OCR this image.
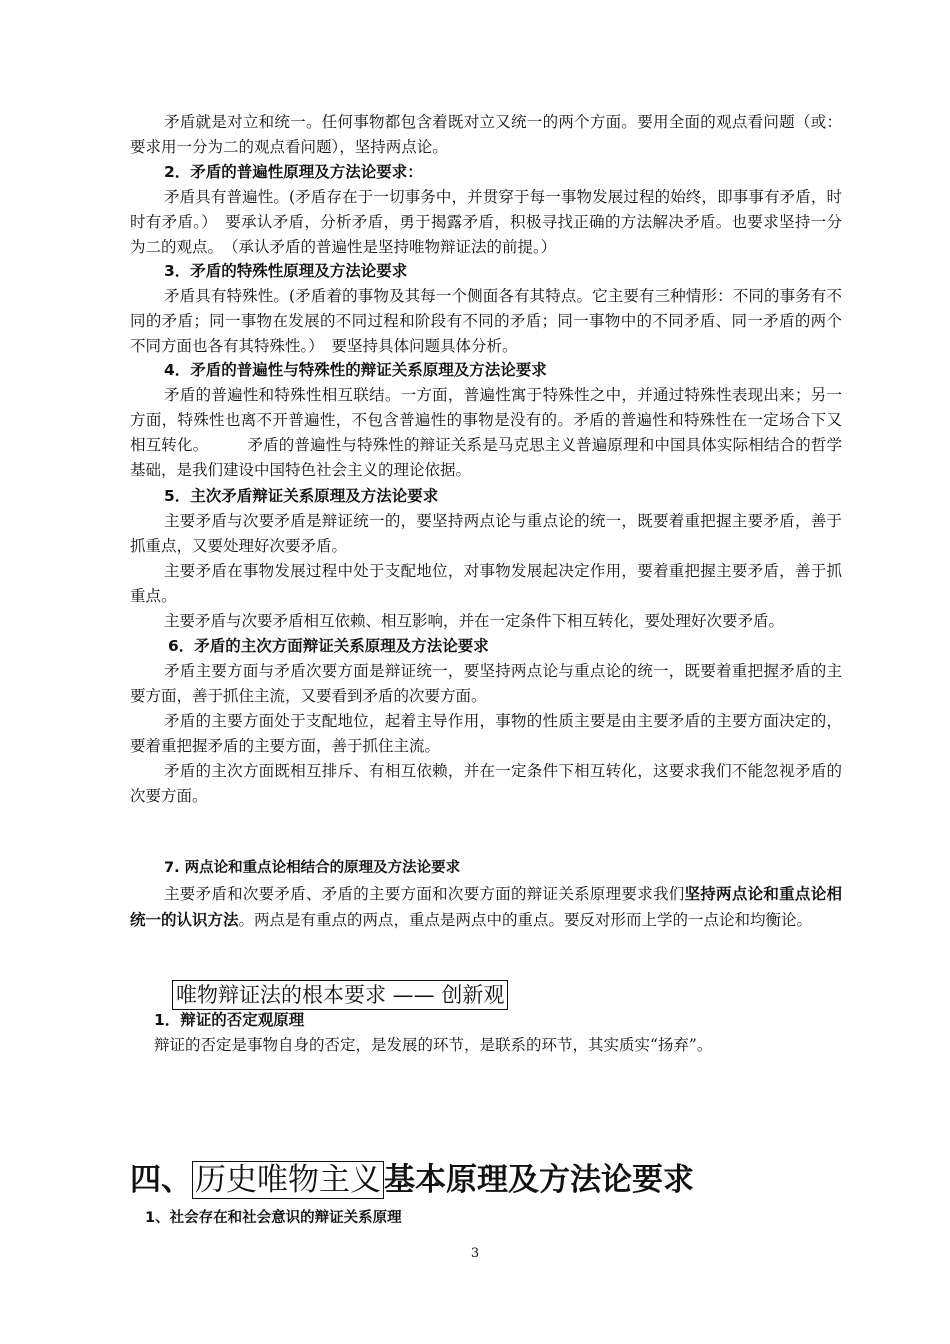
矛盾就是对立和统一。任何事物都包含着既对立又统一的两个方面。要用全面的观点看问题（或：要求用一分为二的观点看问题），坚持两点论。

2．矛盾的普遍性原理及方法论要求：

矛盾具有普遍性。(矛盾存在于一切事务中，并贯穿于每一事物发展过程的始终，即事事有矛盾，时时有矛盾。）　要承认矛盾，分析矛盾，勇于揭露矛盾，积极寻找正确的方法解决矛盾。也要求坚持一分为二的观点。　（承认矛盾的普遍性是坚持唯物辩证法的前提。）

3．矛盾的特殊性原理及方法论要求

矛盾具有特殊性。(矛盾着的事物及其每一个侧面各有其特点。它主要有三种情形：不同的事务有不同的矛盾；同一事物在发展的不同过程和阶段有不同的矛盾；同一事物中的不同矛盾、同一矛盾的两个不同方面也各有其特殊性。）　要坚持具体问题具体分析。

4．矛盾的普遍性与特殊性的辩证关系原理及方法论要求

矛盾的普遍性和特殊性相互联结。一方面，普遍性寓于特殊性之中，并通过特殊性表现出来；另一方面，特殊性也离不开普遍性，不包含普遍性的事物是没有的。矛盾的普遍性和特殊性在一定场合下又相互转化。　　　矛盾的普遍性与特殊性的辩证关系是马克思主义普遍原理和中国具体实际相结合的哲学基础，是我们建设中国特色社会主义的理论依据。

5．主次矛盾辩证关系原理及方法论要求

主要矛盾与次要矛盾是辩证统一的，要坚持两点论与重点论的统一，既要着重把握主要矛盾，善于抓重点，又要处理好次要矛盾。

主要矛盾在事物发展过程中处于支配地位，对事物发展起决定作用，要着重把握主要矛盾，善于抓重点。

主要矛盾与次要矛盾相互依赖、相互影响，并在一定条件下相互转化，要处理好次要矛盾。

6．矛盾的主次方面辩证关系原理及方法论要求

矛盾主要方面与矛盾次要方面是辩证统一，要坚持两点论与重点论的统一，既要着重把握矛盾的主要方面，善于抓住主流，又要看到矛盾的次要方面。

矛盾的主要方面处于支配地位，起着主导作用，事物的性质主要是由主要矛盾的主要方面决定的，要着重把握矛盾的主要方面，善于抓住主流。

矛盾的主次方面既相互排斥、有相互依赖，并在一定条件下相互转化，这要求我们不能忽视矛盾的次要方面。

7. 两点论和重点论相结合的原理及方法论要求

主要矛盾和次要矛盾、矛盾的主要方面和次要方面的辩证关系原理要求我们坚持两点论和重点论相统一的认识方法。两点是有重点的两点，重点是两点中的重点。要反对形而上学的一点论和均衡论。

唯物辩证法的根本要求 —— 创新观

1．辩证的否定观原理

辩证的否定是事物自身的否定，是发展的环节，是联系的环节，其实质实“扬弃”。

四、历史唯物主义基本原理及方法论要求

1、社会存在和社会意识的辩证关系原理

3
